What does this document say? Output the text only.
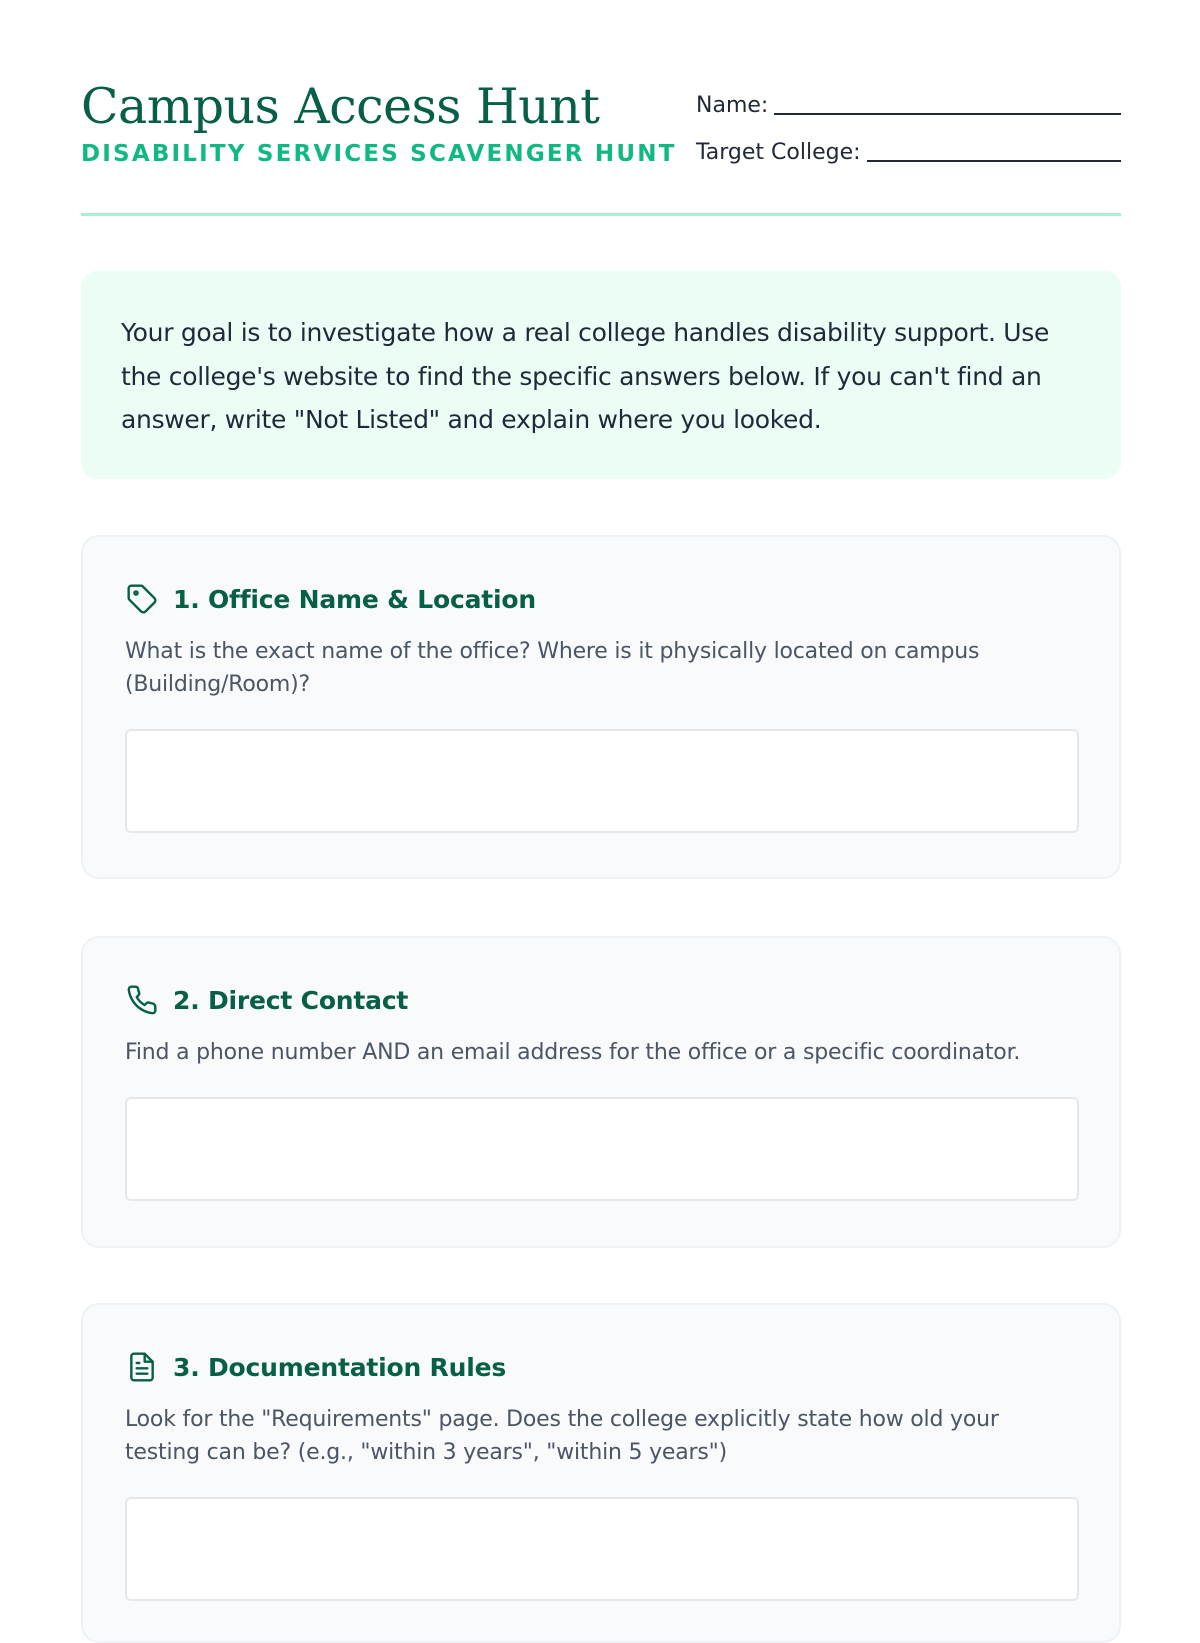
Campus Access Hunt
DISABILITY SERVICES SCAVENGER HUNT
Name:
Target College:

Your goal is to investigate how a real college handles disability support. Use the college's website to find the specific answers below. If you can't find an answer, write "Not Listed" and explain where you looked.

1. Office Name & Location
What is the exact name of the office? Where is it physically located on campus (Building/Room)?
2. Direct Contact
Find a phone number AND an email address for the office or a specific coordinator.
3. Documentation Rules
Look for the "Requirements" page. Does the college explicitly state how old your testing can be? (e.g., "within 3 years", "within 5 years")
